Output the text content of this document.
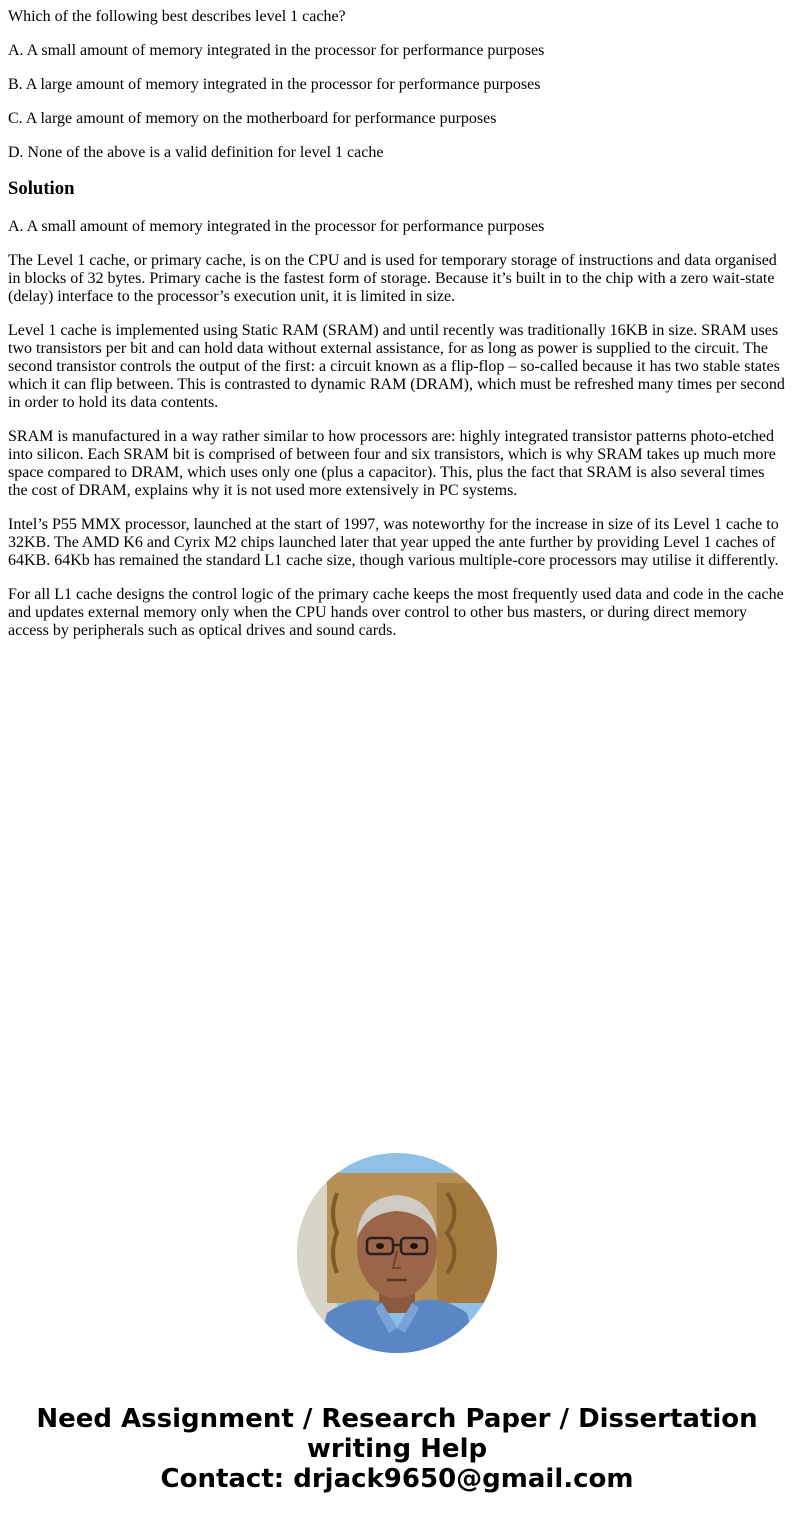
Which of the following best describes level 1 cache?

A. A small amount of memory integrated in the processor for performance purposes

B. A large amount of memory integrated in the processor for performance purposes

C. A large amount of memory on the motherboard for performance purposes

D. None of the above is a valid definition for level 1 cache

Solution

A. A small amount of memory integrated in the processor for performance purposes

The Level 1 cache, or primary cache, is on the CPU and is used for temporary storage of instructions and data organised in blocks of 32 bytes. Primary cache is the fastest form of storage. Because it’s built in to the chip with a zero wait-state (delay) interface to the processor’s execution unit, it is limited in size.

Level 1 cache is implemented using Static RAM (SRAM) and until recently was traditionally 16KB in size. SRAM uses two transistors per bit and can hold data without external assistance, for as long as power is supplied to the circuit. The second transistor controls the output of the first: a circuit known as a flip-flop – so-called because it has two stable states which it can flip between. This is contrasted to dynamic RAM (DRAM), which must be refreshed many times per second in order to hold its data contents.

SRAM is manufactured in a way rather similar to how processors are: highly integrated transistor patterns photo-etched into silicon. Each SRAM bit is comprised of between four and six transistors, which is why SRAM takes up much more space compared to DRAM, which uses only one (plus a capacitor). This, plus the fact that SRAM is also several times the cost of DRAM, explains why it is not used more extensively in PC systems.

Intel’s P55 MMX processor, launched at the start of 1997, was noteworthy for the increase in size of its Level 1 cache to 32KB. The AMD K6 and Cyrix M2 chips launched later that year upped the ante further by providing Level 1 caches of 64KB. 64Kb has remained the standard L1 cache size, though various multiple-core processors may utilise it differently.

For all L1 cache designs the control logic of the primary cache keeps the most frequently used data and code in the cache and updates external memory only when the CPU hands over control to other bus masters, or during direct memory access by peripherals such as optical drives and sound cards.

Need Assignment / Research Paper / Dissertation
writing Help
Contact: drjack9650@gmail.com
